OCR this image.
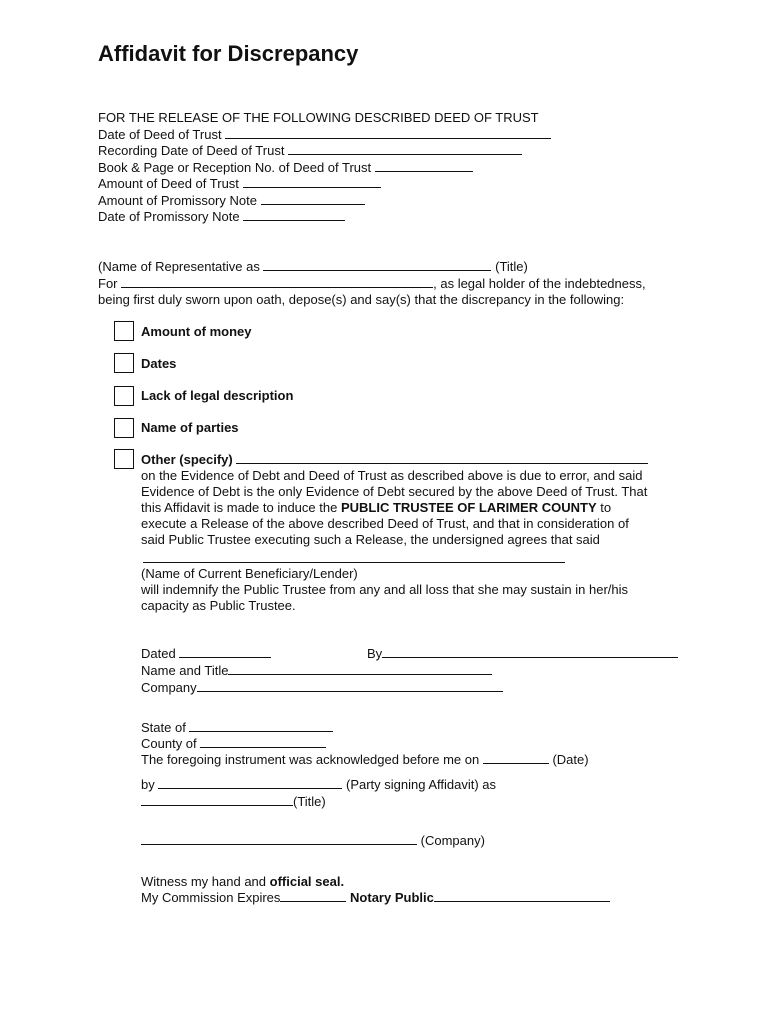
Affidavit for Discrepancy
FOR THE RELEASE OF THE FOLLOWING DESCRIBED DEED OF TRUST
Date of Deed of Trust
Recording Date of Deed of Trust
Book & Page or Reception No. of Deed of Trust
Amount of Deed of Trust
Amount of Promissory Note
Date of Promissory Note
(Name of Representative as	(Title)
For	, as legal holder of the indebtedness,
being first duly sworn upon oath, depose(s) and say(s) that the discrepancy in the following:
Amount of money
Dates
Lack of legal description
Name of parties
Other (specify)
on the Evidence of Debt and Deed of Trust as described above is due to error, and said
Evidence of Debt is the only Evidence of Debt secured by the above Deed of Trust. That
this Affidavit is made to induce the PUBLIC TRUSTEE OF LARIMER COUNTY to
execute a Release of the above described Deed of Trust, and that in consideration of
said Public Trustee executing such a Release, the undersigned agrees that said
(Name of Current Beneficiary/Lender)
will indemnify the Public Trustee from any and all loss that she may sustain in her/his
capacity as Public Trustee.
Dated	By
Name and Title
Company
State of
County of
The foregoing instrument was acknowledged before me on	(Date)
by	(Party signing Affidavit) as
(Title)
(Company)
Witness my hand and official seal.
My Commission Expires	Notary Public
